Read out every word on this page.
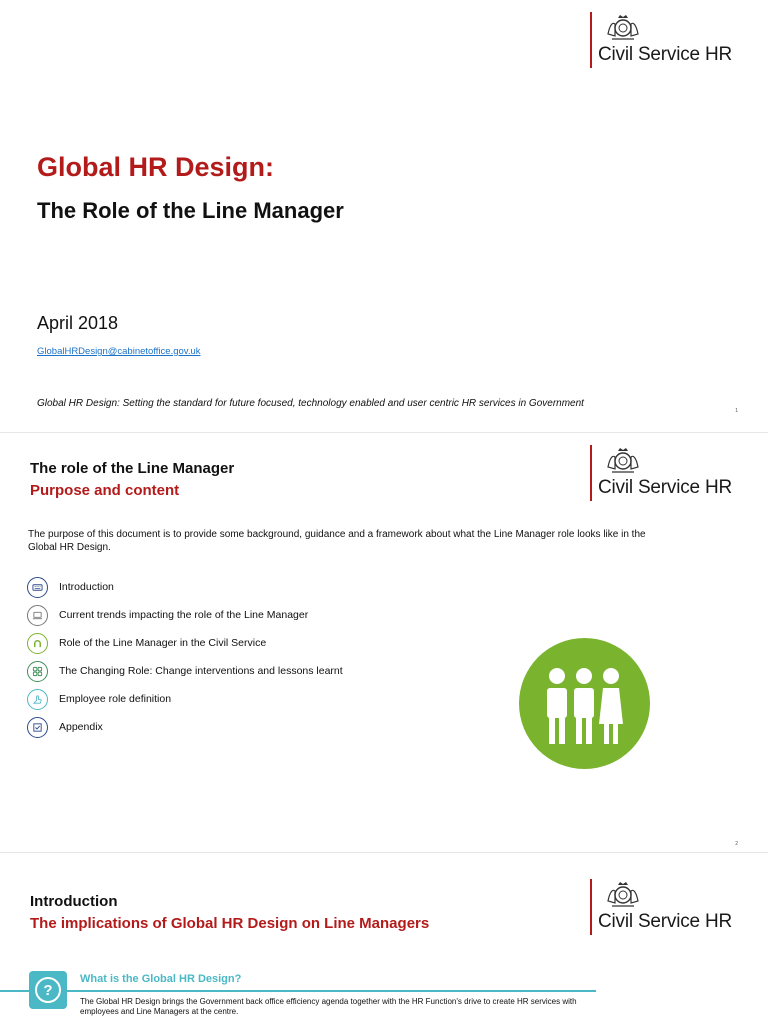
Civil Service HR
Global HR Design:
The Role of the Line Manager
April 2018
GlobalHRDesign@cabinetoffice.gov.uk
Global HR Design: Setting the standard for future focused, technology enabled and user centric HR services in Government
1
Civil Service HR
The role of the Line Manager
Purpose and content

The purpose of this document is to provide some background, guidance and a framework about what the Line Manager role looks like in the Global HR Design.

Introduction
Current trends impacting the role of the Line Manager
Role of the Line Manager in the Civil Service
The Changing Role: Change interventions and lessons learnt
Employee role definition
Appendix
2
Civil Service HR
Introduction
The implications of Global HR Design on Line Managers
?
What is the Global HR Design?

The Global HR Design brings the Government back office efficiency agenda together with the HR Function's drive to create HR services with employees and Line Managers at the centre.
